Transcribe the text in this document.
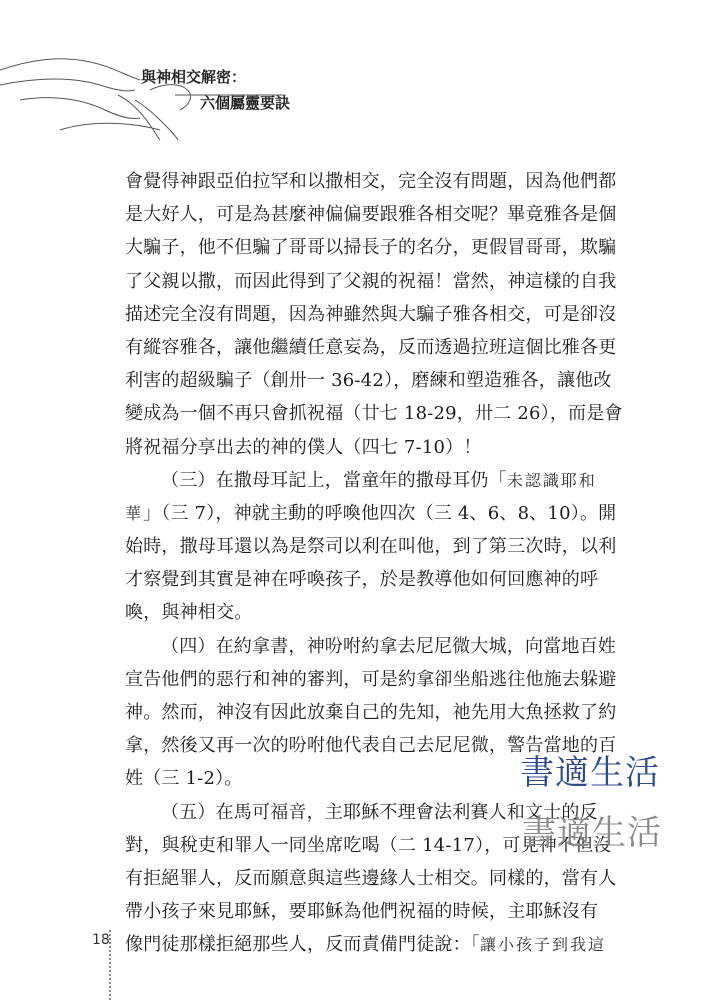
與神相交解密：
六個屬靈要訣
會覺得神跟亞伯拉罕和以撒相交，完全沒有問題，因為他們都
是大好人，可是為甚麼神偏偏要跟雅各相交呢？畢竟雅各是個
大騙子，他不但騙了哥哥以掃長子的名分，更假冒哥哥，欺騙
了父親以撒，而因此得到了父親的祝福！當然，神這樣的自我
描述完全沒有問題，因為神雖然與大騙子雅各相交，可是卻沒
有縱容雅各，讓他繼續任意妄為，反而透過拉班這個比雅各更
利害的超級騙子（創卅一 36-42），磨練和塑造雅各，讓他改
變成為一個不再只會抓祝福（廿七 18-29，卅二 26），而是會
將祝福分享出去的神的僕人（四七 7-10）！
（三）在撒母耳記上，當童年的撒母耳仍「未認識耶和
華」（三 7），神就主動的呼喚他四次（三 4、6、8、10）。開
始時，撒母耳還以為是祭司以利在叫他，到了第三次時，以利
才察覺到其實是神在呼喚孩子，於是教導他如何回應神的呼
喚，與神相交。
（四）在約拿書，神吩咐約拿去尼尼微大城，向當地百姓
宣告他們的惡行和神的審判，可是約拿卻坐船逃往他施去躲避
神。然而，神沒有因此放棄自己的先知，祂先用大魚拯救了約
拿，然後又再一次的吩咐他代表自己去尼尼微，警告當地的百
姓（三 1-2）。
（五）在馬可福音，主耶穌不理會法利賽人和文士的反
對，與稅吏和罪人一同坐席吃喝（二 14-17），可見神不但沒
有拒絕罪人，反而願意與這些邊緣人士相交。同樣的，當有人
帶小孩子來見耶穌，要耶穌為他們祝福的時候，主耶穌沒有
像門徒那樣拒絕那些人，反而責備門徒說：「讓小孩子到我這
書適生活
書適生活
18
